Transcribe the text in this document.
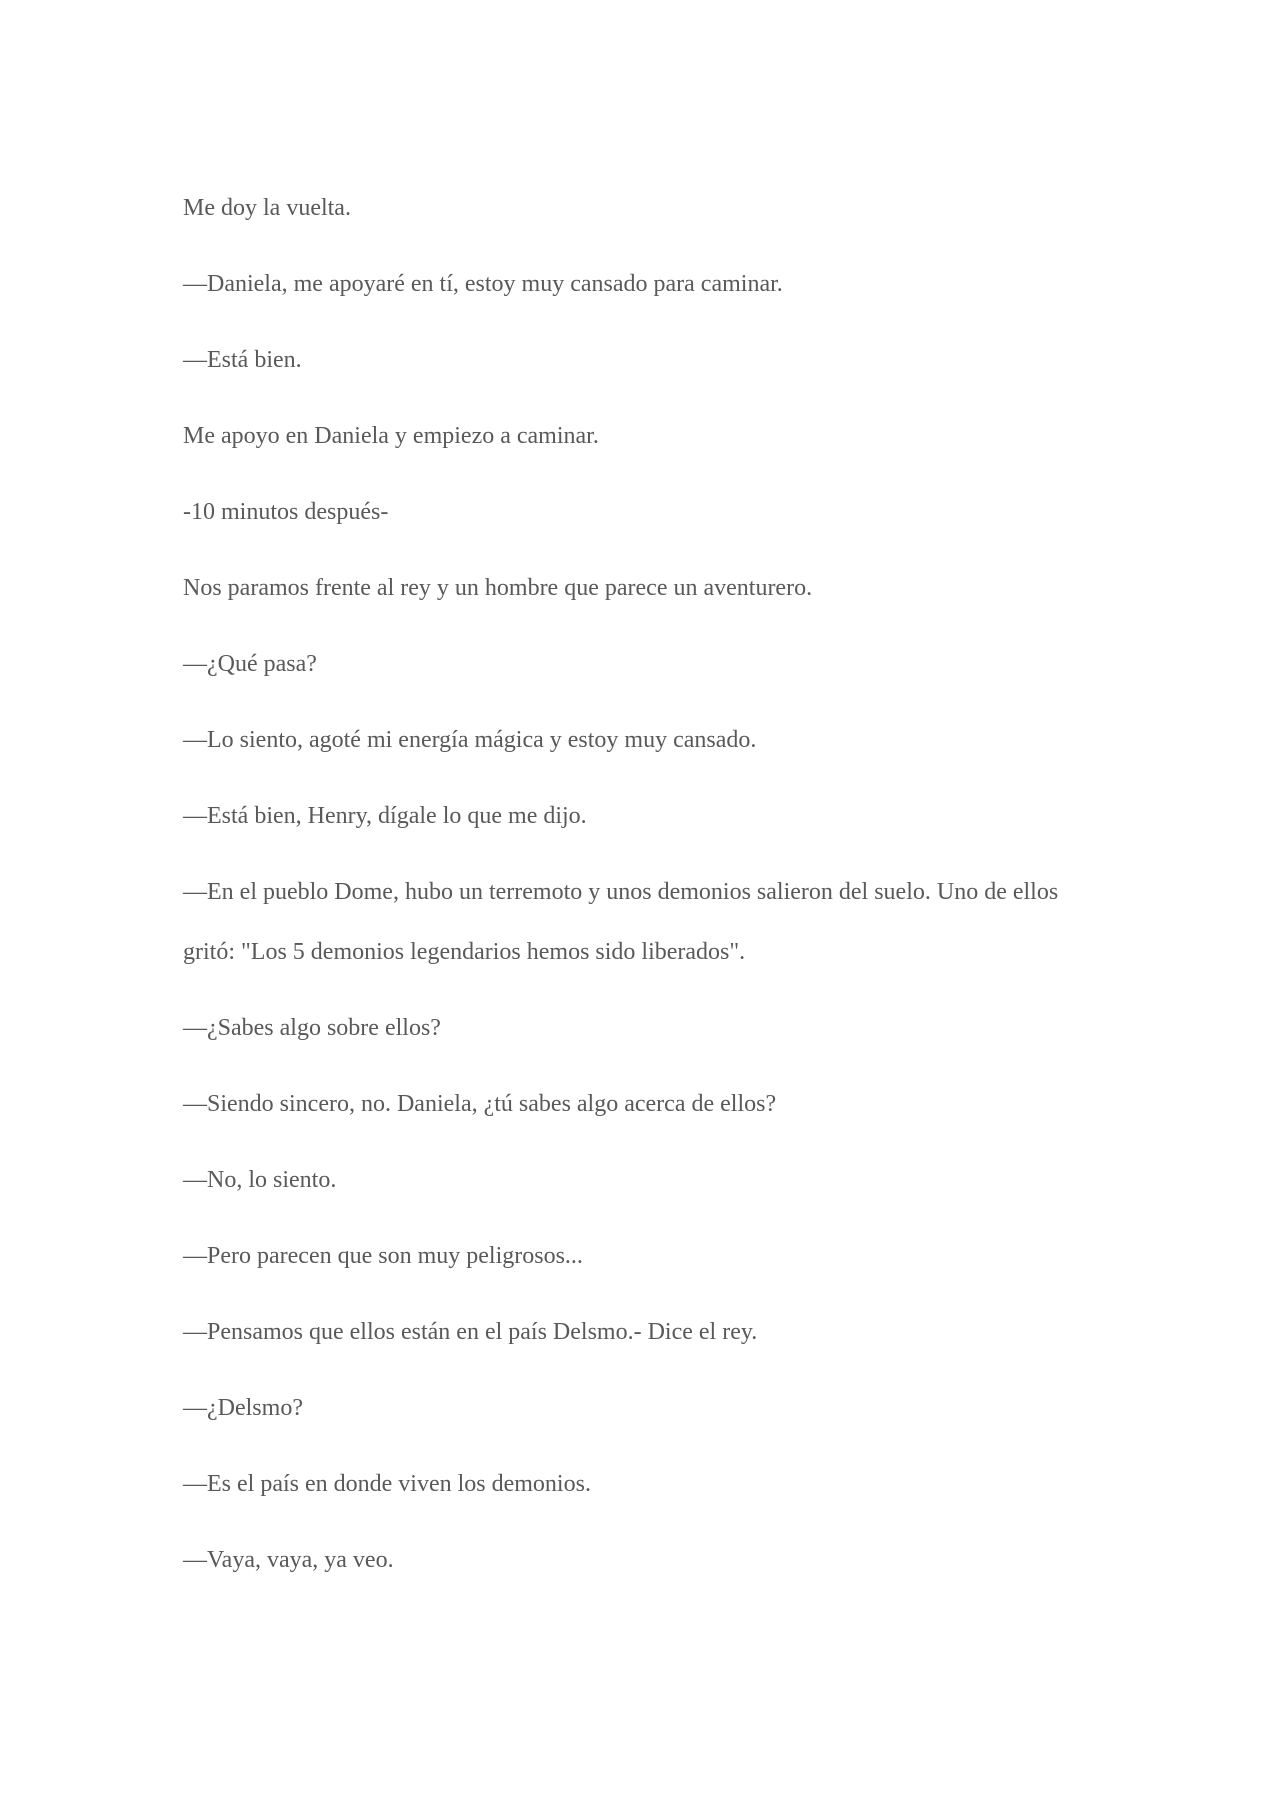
Me doy la vuelta.

—Daniela, me apoyaré en tí, estoy muy cansado para caminar.

—Está bien.

Me apoyo en Daniela y empiezo a caminar.

-10 minutos después-

Nos paramos frente al rey y un hombre que parece un aventurero.

—¿Qué pasa?

—Lo siento, agoté mi energía mágica y estoy muy cansado.

—Está bien, Henry, dígale lo que me dijo.

—En el pueblo Dome, hubo un terremoto y unos demonios salieron del suelo. Uno de ellos gritó: "Los 5 demonios legendarios hemos sido liberados".

—¿Sabes algo sobre ellos?

—Siendo sincero, no. Daniela, ¿tú sabes algo acerca de ellos?

—No, lo siento.

—Pero parecen que son muy peligrosos...

—Pensamos que ellos están en el país Delsmo.- Dice el rey.

—¿Delsmo?

—Es el país en donde viven los demonios.

—Vaya, vaya, ya veo.
